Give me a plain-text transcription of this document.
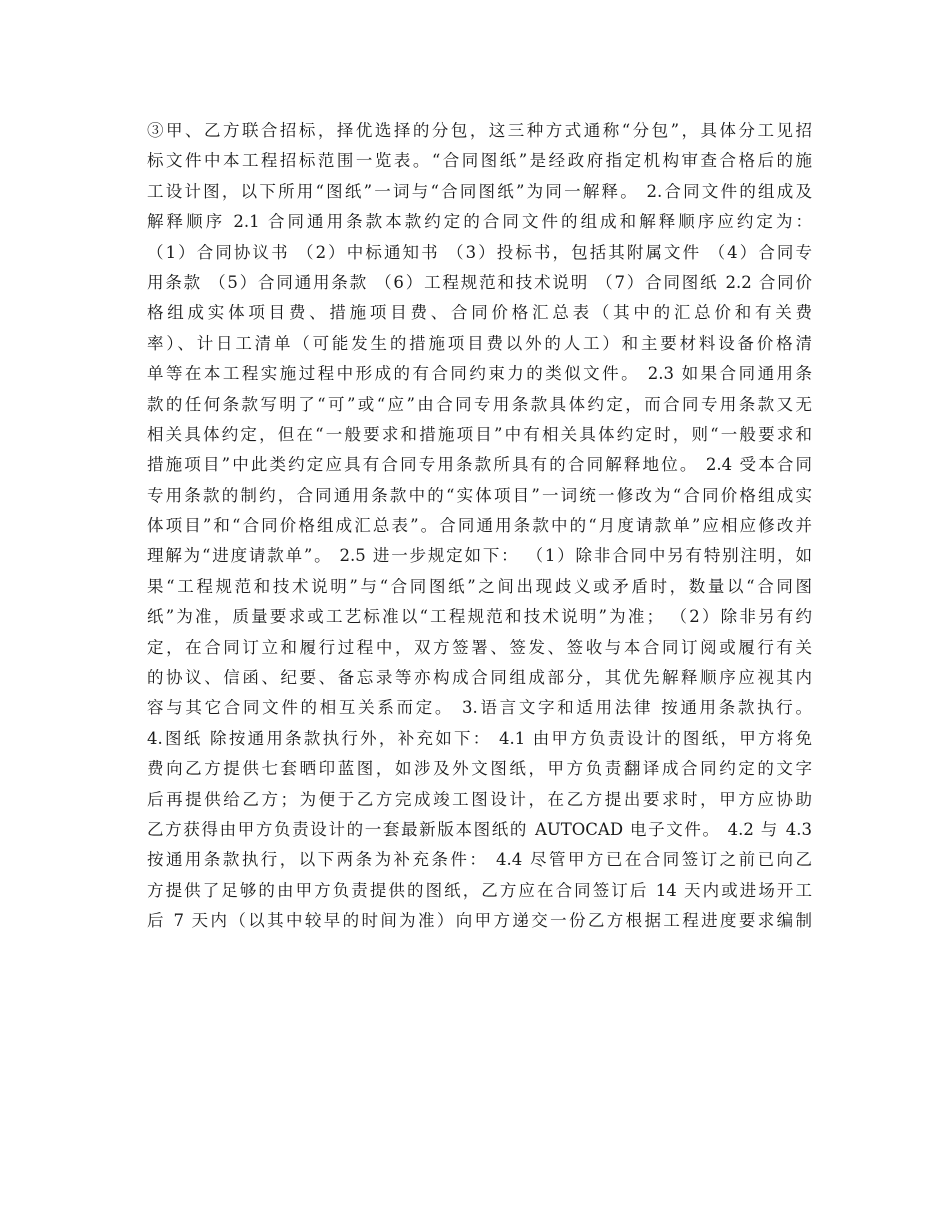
③甲、乙方联合招标，择优选择的分包，这三种方式通称“分包”，具体分工见招
标文件中本工程招标范围一览表。“合同图纸”是经政府指定机构审查合格后的施
工设计图，以下所用“图纸”一词与“合同图纸”为同一解释。 2.合同文件的组成及
解释顺序 2.1 合同通用条款本款约定的合同文件的组成和解释顺序应约定为：
（1）合同协议书 （2）中标通知书 （3）投标书，包括其附属文件 （4）合同专
用条款 （5）合同通用条款 （6）工程规范和技术说明 （7）合同图纸 2.2 合同价
格组成实体项目费、措施项目费、合同价格汇总表（其中的汇总价和有关费
率）、计日工清单（可能发生的措施项目费以外的人工）和主要材料设备价格清
单等在本工程实施过程中形成的有合同约束力的类似文件。 2.3 如果合同通用条
款的任何条款写明了“可”或“应”由合同专用条款具体约定，而合同专用条款又无
相关具体约定，但在“一般要求和措施项目”中有相关具体约定时，则“一般要求和
措施项目”中此类约定应具有合同专用条款所具有的合同解释地位。 2.4 受本合同
专用条款的制约，合同通用条款中的“实体项目”一词统一修改为“合同价格组成实
体项目”和“合同价格组成汇总表”。合同通用条款中的“月度请款单”应相应修改并
理解为“进度请款单”。 2.5 进一步规定如下： （1）除非合同中另有特别注明，如
果“工程规范和技术说明”与“合同图纸”之间出现歧义或矛盾时，数量以“合同图
纸”为准，质量要求或工艺标准以“工程规范和技术说明”为准； （2）除非另有约
定，在合同订立和履行过程中，双方签署、签发、签收与本合同订阅或履行有关
的协议、信函、纪要、备忘录等亦构成合同组成部分，其优先解释顺序应视其内
容与其它合同文件的相互关系而定。 3.语言文字和适用法律 按通用条款执行。
4.图纸 除按通用条款执行外，补充如下： 4.1 由甲方负责设计的图纸，甲方将免
费向乙方提供七套晒印蓝图，如涉及外文图纸，甲方负责翻译成合同约定的文字
后再提供给乙方；为便于乙方完成竣工图设计，在乙方提出要求时，甲方应协助
乙方获得由甲方负责设计的一套最新版本图纸的 AUTOCAD 电子文件。 4.2 与 4.3
按通用条款执行，以下两条为补充条件： 4.4 尽管甲方已在合同签订之前已向乙
方提供了足够的由甲方负责提供的图纸，乙方应在合同签订后 14 天内或进场开工
后 7 天内（以其中较早的时间为准）向甲方递交一份乙方根据工程进度要求编制
